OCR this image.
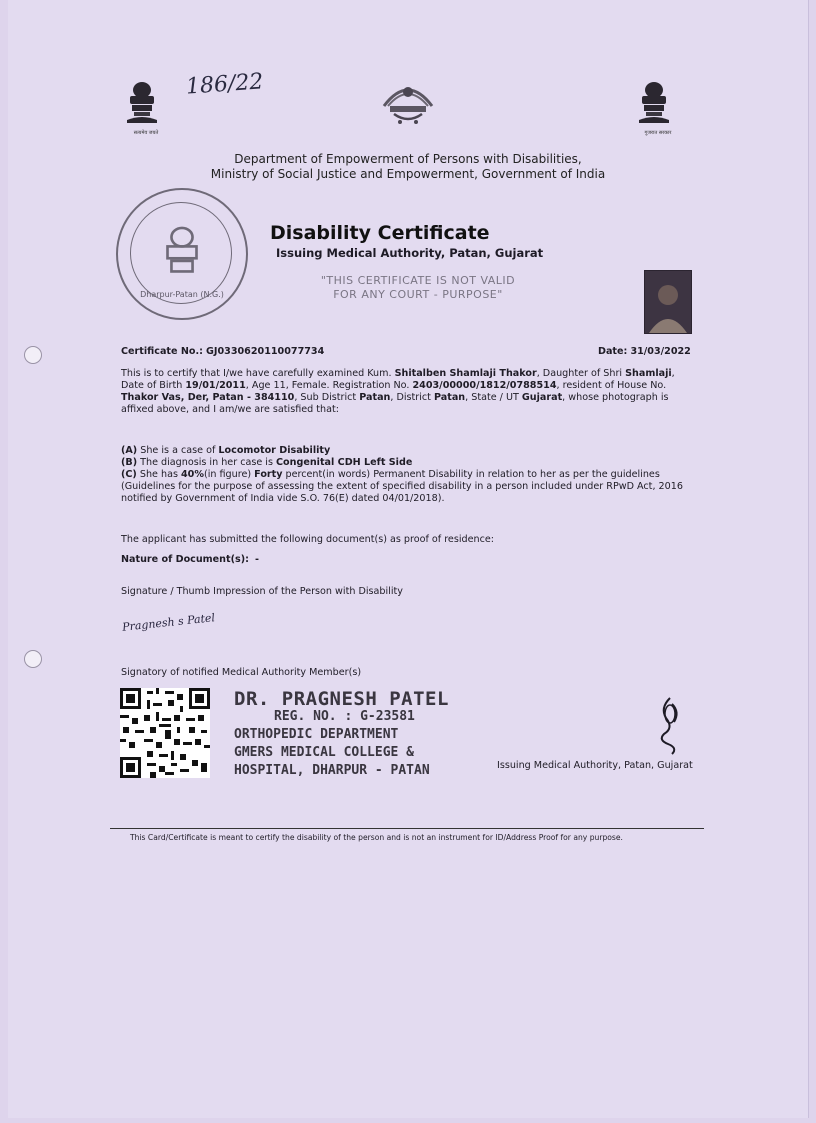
186/22
सत्यमेव जयते	गुजरात सरकार
Department of Empowerment of Persons with Disabilities,
Ministry of Social Justice and Empowerment, Government of India
Dharpur-Patan (N.G.)
Disability Certificate
Issuing Medical Authority, Patan, Gujarat
"THIS CERTIFICATE IS NOT VALID
FOR ANY COURT - PURPOSE"
Certificate No.: GJ0330620110077734	Date: 31/03/2022
This is to certify that I/we have carefully examined Kum. Shitalben Shamlaji Thakor, Daughter of Shri Shamlaji, Date of Birth 19/01/2011, Age 11, Female. Registration No. 2403/00000/1812/0788514, resident of House No. Thakor Vas, Der, Patan - 384110, Sub District Patan, District Patan, State / UT Gujarat, whose photograph is affixed above, and I am/we are satisfied that:
(A) She is a case of Locomotor Disability
(B) The diagnosis in her case is Congenital CDH Left Side
(C) She has 40%(in figure) Forty percent(in words) Permanent Disability in relation to her as per the guidelines
(Guidelines for the purpose of assessing the extent of specified disability in a person included under RPwD Act, 2016
notified by Government of India vide S.O. 76(E) dated 04/01/2018).
The applicant has submitted the following document(s) as proof of residence:
Nature of Document(s): -
Signature / Thumb Impression of the Person with Disability
Pragnesh s Patel
Signatory of notified Medical Authority Member(s)
DR. PRAGNESH PATEL
REG. NO. : G-23581
ORTHOPEDIC DEPARTMENT
GMERS MEDICAL COLLEGE &
HOSPITAL, DHARPUR - PATAN	Issuing Medical Authority, Patan, Gujarat
This Card/Certificate is meant to certify the disability of the person and is not an instrument for ID/Address Proof for any purpose.
